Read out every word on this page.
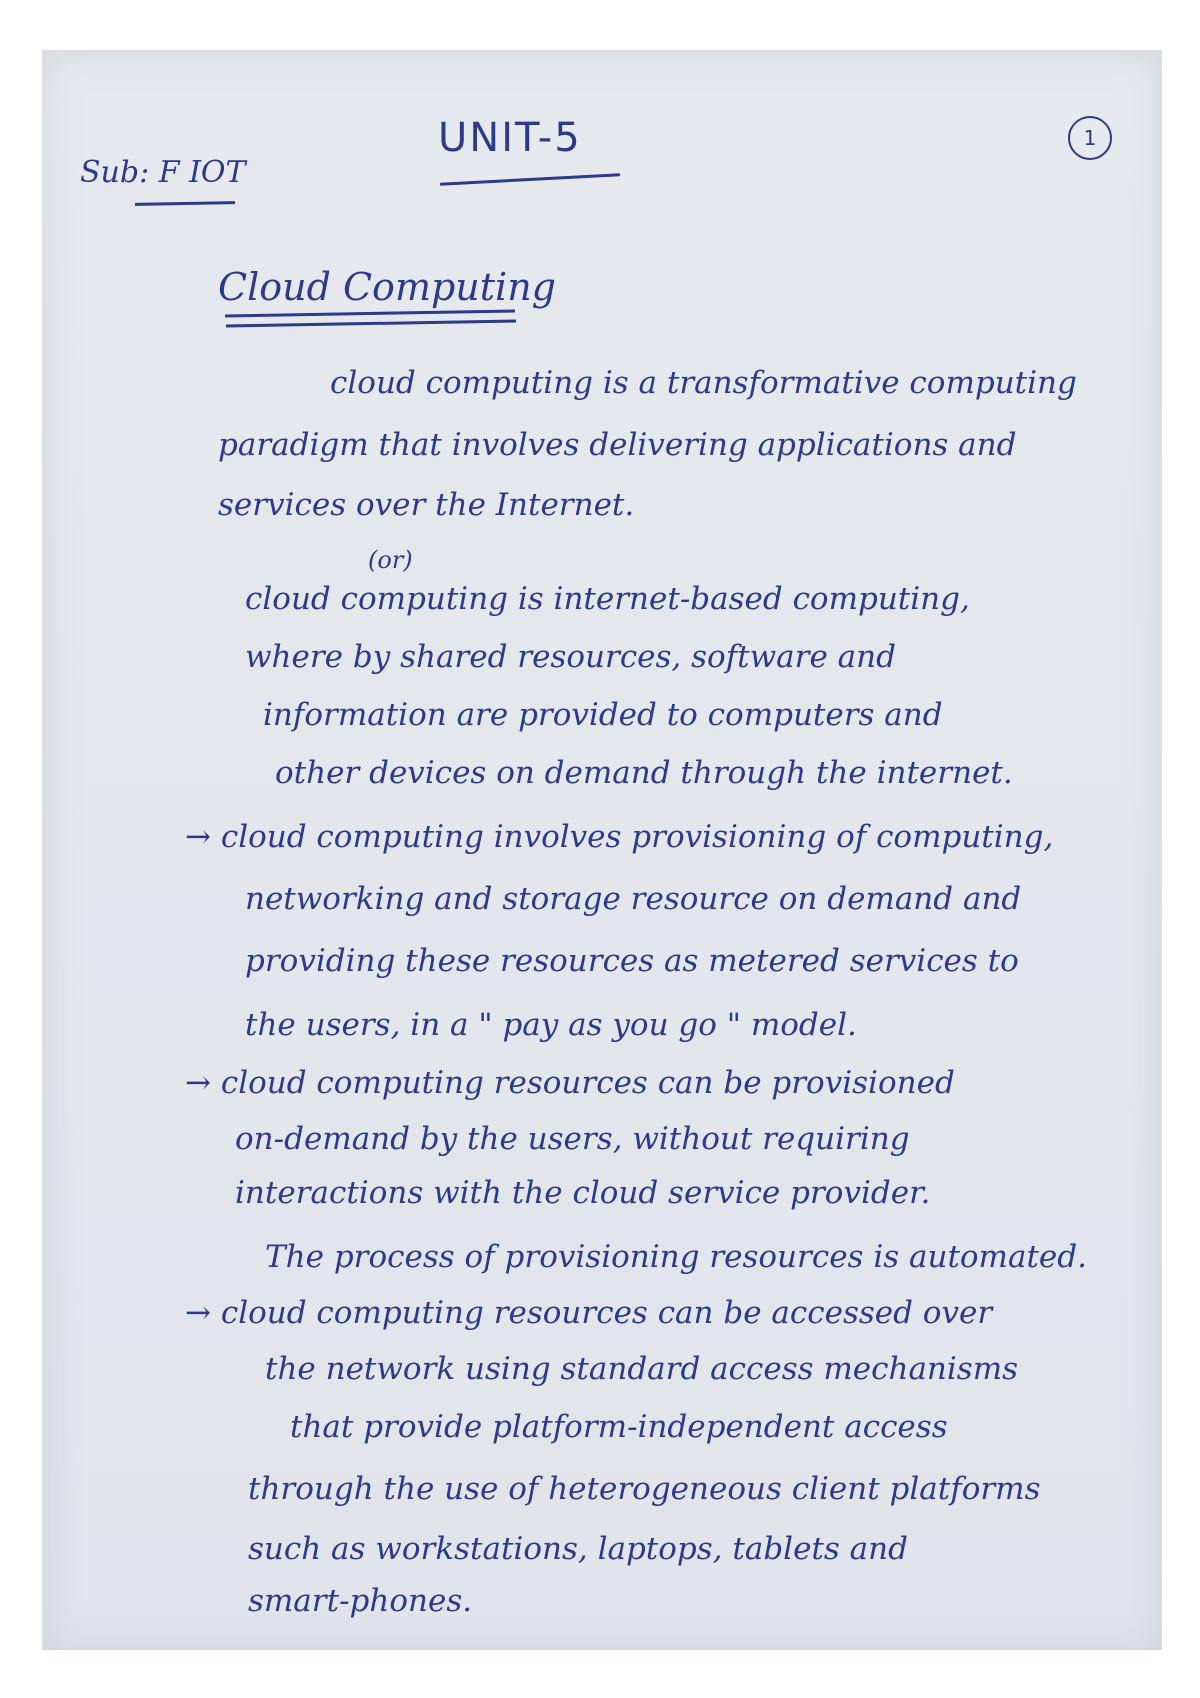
Sub: F IOT

UNIT-5	1

Cloud Computing

cloud computing is a transformative computing

paradigm that involves delivering applications and

services over the Internet.

(or)

cloud computing is internet-based computing,

where by shared resources, software and

information are provided to computers and

other devices on demand through the internet.

→ cloud computing involves provisioning of computing,

networking and storage resource on demand and

providing these resources as metered services to

the users, in a " pay as you go " model.

→ cloud computing resources can be provisioned

on-demand by the users, without requiring

interactions with the cloud service provider.

The process of provisioning resources is automated.

→ cloud computing resources can be accessed over

the network using standard access mechanisms

that provide platform-independent access

through the use of heterogeneous client platforms

such as workstations, laptops, tablets and

smart-phones.
